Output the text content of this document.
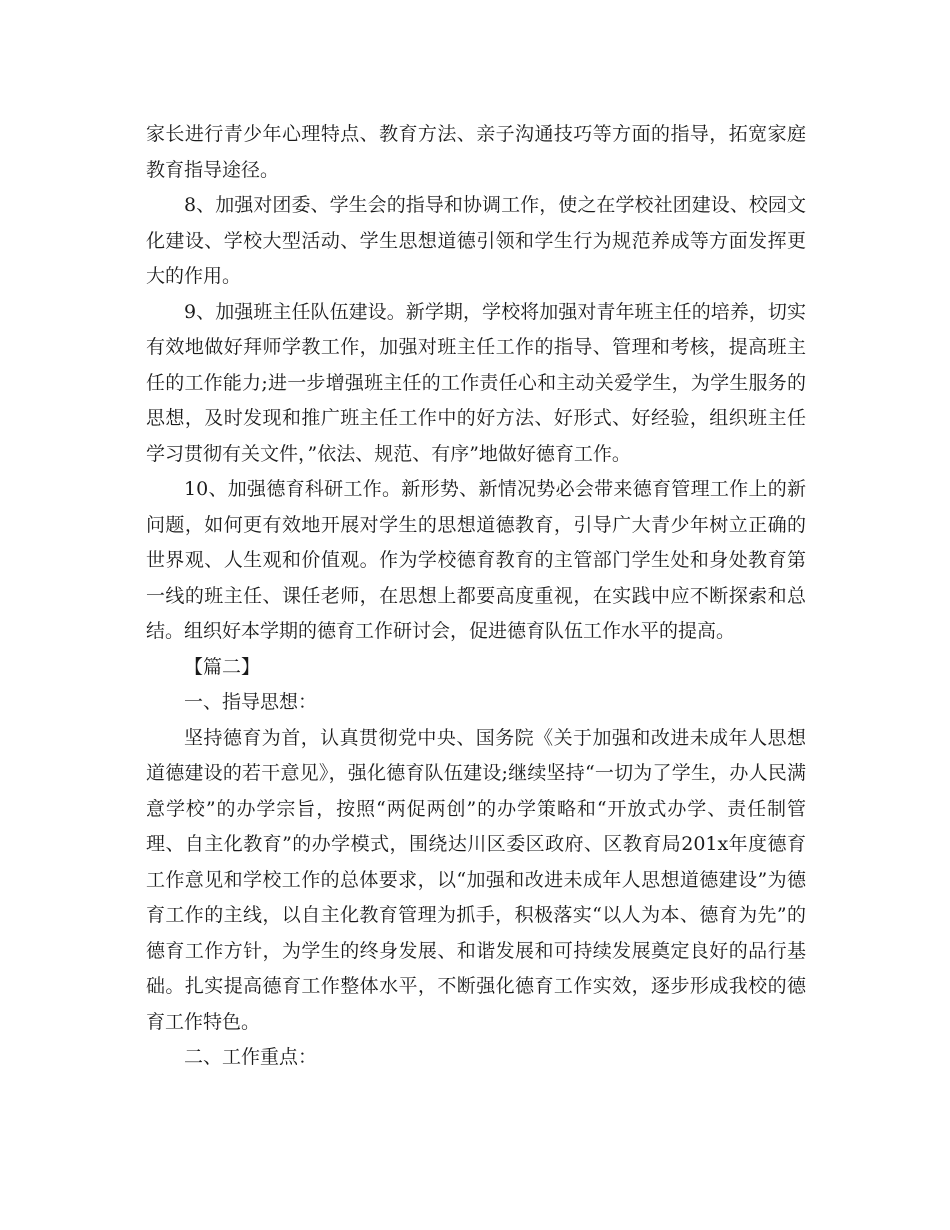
家长进行青少年心理特点、教育方法、亲子沟通技巧等方面的指导，拓宽家庭教育指导途径。

8、加强对团委、学生会的指导和协调工作，使之在学校社团建设、校园文化建设、学校大型活动、学生思想道德引领和学生行为规范养成等方面发挥更大的作用。

9、加强班主任队伍建设。新学期，学校将加强对青年班主任的培养，切实有效地做好拜师学教工作，加强对班主任工作的指导、管理和考核，提高班主任的工作能力;进一步增强班主任的工作责任心和主动关爱学生，为学生服务的思想，及时发现和推广班主任工作中的好方法、好形式、好经验，组织班主任学习贯彻有关文件，”依法、规范、有序”地做好德育工作。

10、加强德育科研工作。新形势、新情况势必会带来德育管理工作上的新问题，如何更有效地开展对学生的思想道德教育，引导广大青少年树立正确的世界观、人生观和价值观。作为学校德育教育的主管部门学生处和身处教育第一线的班主任、课任老师，在思想上都要高度重视，在实践中应不断探索和总结。组织好本学期的德育工作研讨会，促进德育队伍工作水平的提高。

【篇二】

一、指导思想：

坚持德育为首，认真贯彻党中央、国务院《关于加强和改进未成年人思想道德建设的若干意见》，强化德育队伍建设;继续坚持“一切为了学生，办人民满意学校”的办学宗旨，按照“两促两创”的办学策略和“开放式办学、责任制管理、自主化教育”的办学模式，围绕达川区委区政府、区教育局201x年度德育工作意见和学校工作的总体要求，以“加强和改进未成年人思想道德建设”为德育工作的主线，以自主化教育管理为抓手，积极落实“以人为本、德育为先”的德育工作方针，为学生的终身发展、和谐发展和可持续发展奠定良好的品行基础。扎实提高德育工作整体水平，不断强化德育工作实效，逐步形成我校的德育工作特色。

二、工作重点：
